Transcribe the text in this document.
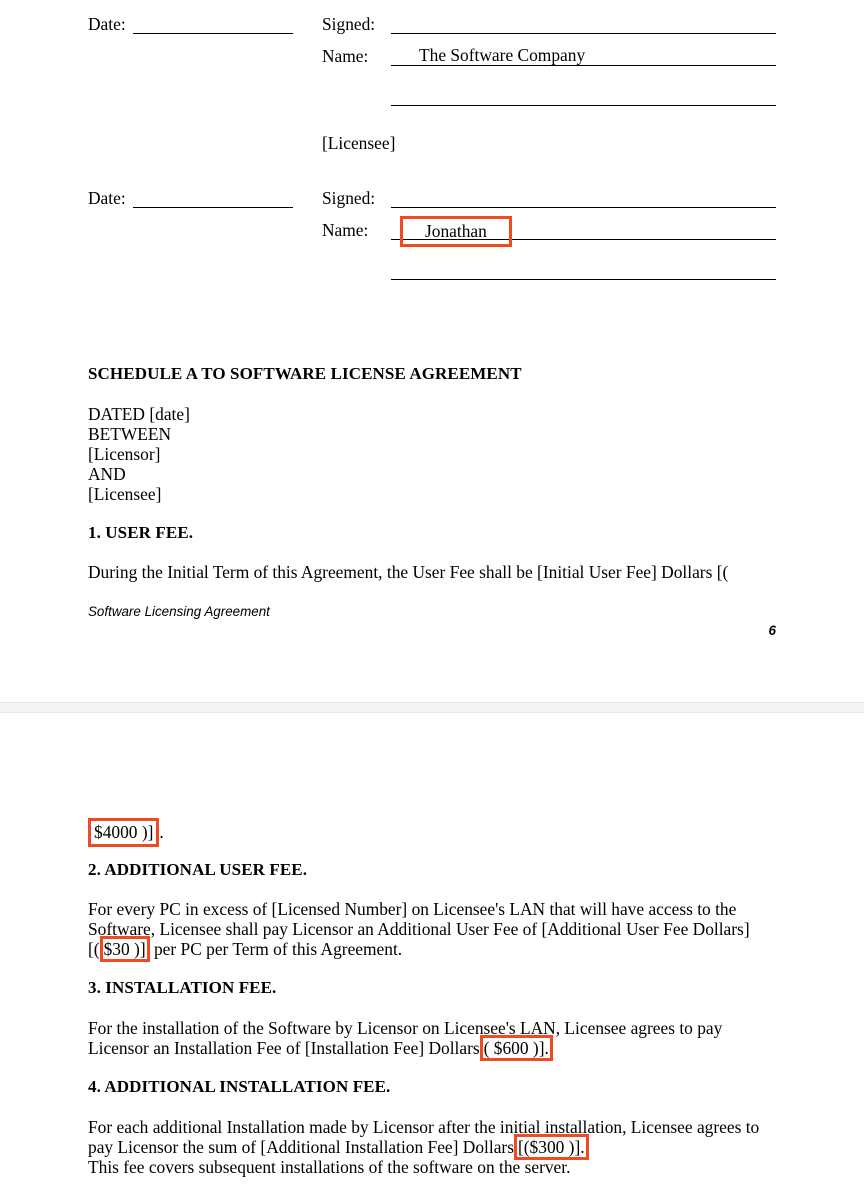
Date:	Signed:
Name:	The Software Company
[Licensee]
Date:	Signed:
Name:	Jonathan
SCHEDULE A TO SOFTWARE LICENSE AGREEMENT
DATED [date]
BETWEEN
[Licensor]
AND
[Licensee]
1. USER FEE.
During the Initial Term of this Agreement, the User Fee shall be [Initial User Fee] Dollars [(
Software Licensing Agreement
6
$4000 )] .
2. ADDITIONAL USER FEE.
For every PC in excess of [Licensed Number] on Licensee's LAN that will have access to the Software, Licensee shall pay Licensor an Additional User Fee of [Additional User Fee Dollars] [( $30 )] per PC per Term of this Agreement.
3. INSTALLATION FEE.
For the installation of the Software by Licensor on Licensee's LAN, Licensee agrees to pay Licensor an Installation Fee of [Installation Fee] Dollars ( $600 )].
4. ADDITIONAL INSTALLATION FEE.
For each additional Installation made by Licensor after the initial installation, Licensee agrees to pay Licensor the sum of [Additional Installation Fee] Dollars [($300 )].
This fee covers subsequent installations of the software on the server.
